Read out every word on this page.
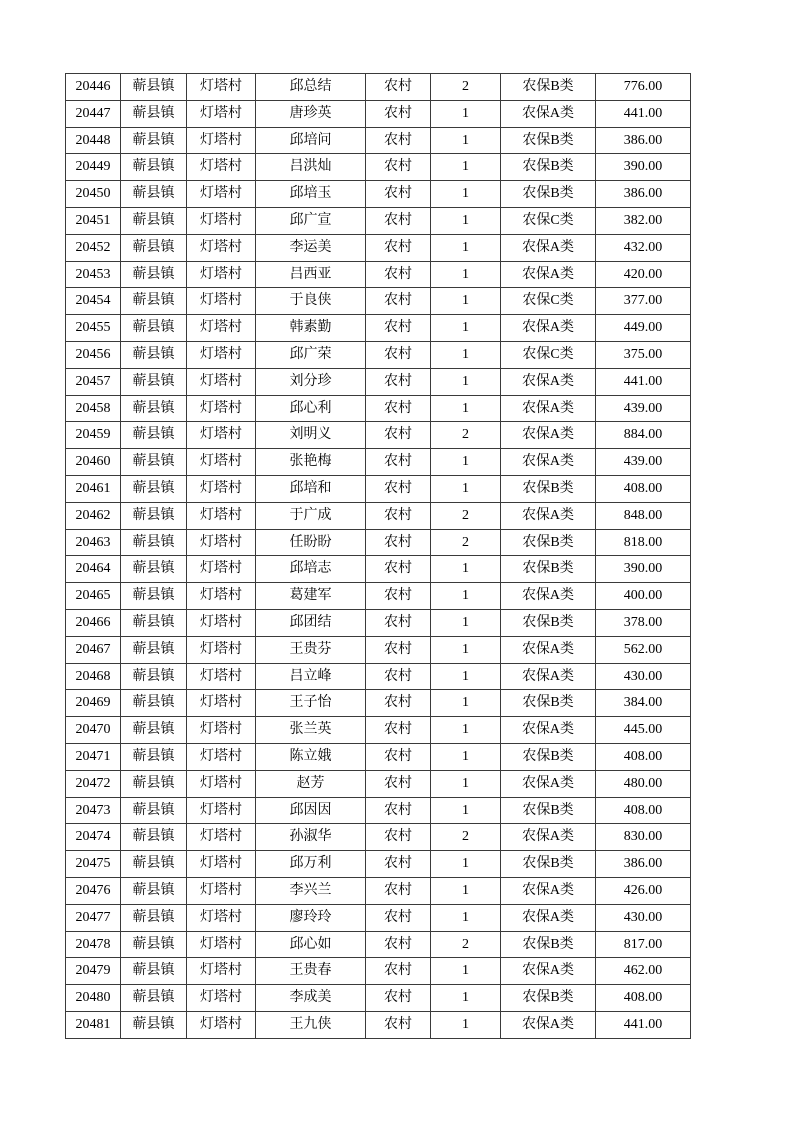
20446	蕲县镇	灯塔村	邱总结	农村	2	农保B类	776.00
20447	蕲县镇	灯塔村	唐珍英	农村	1	农保A类	441.00
20448	蕲县镇	灯塔村	邱培问	农村	1	农保B类	386.00
20449	蕲县镇	灯塔村	吕洪灿	农村	1	农保B类	390.00
20450	蕲县镇	灯塔村	邱培玉	农村	1	农保B类	386.00
20451	蕲县镇	灯塔村	邱广宣	农村	1	农保C类	382.00
20452	蕲县镇	灯塔村	李运美	农村	1	农保A类	432.00
20453	蕲县镇	灯塔村	吕西亚	农村	1	农保A类	420.00
20454	蕲县镇	灯塔村	于良侠	农村	1	农保C类	377.00
20455	蕲县镇	灯塔村	韩素勤	农村	1	农保A类	449.00
20456	蕲县镇	灯塔村	邱广荣	农村	1	农保C类	375.00
20457	蕲县镇	灯塔村	刘分珍	农村	1	农保A类	441.00
20458	蕲县镇	灯塔村	邱心利	农村	1	农保A类	439.00
20459	蕲县镇	灯塔村	刘明义	农村	2	农保A类	884.00
20460	蕲县镇	灯塔村	张艳梅	农村	1	农保A类	439.00
20461	蕲县镇	灯塔村	邱培和	农村	1	农保B类	408.00
20462	蕲县镇	灯塔村	于广成	农村	2	农保A类	848.00
20463	蕲县镇	灯塔村	任盼盼	农村	2	农保B类	818.00
20464	蕲县镇	灯塔村	邱培志	农村	1	农保B类	390.00
20465	蕲县镇	灯塔村	葛建军	农村	1	农保A类	400.00
20466	蕲县镇	灯塔村	邱团结	农村	1	农保B类	378.00
20467	蕲县镇	灯塔村	王贵芬	农村	1	农保A类	562.00
20468	蕲县镇	灯塔村	吕立峰	农村	1	农保A类	430.00
20469	蕲县镇	灯塔村	王子怡	农村	1	农保B类	384.00
20470	蕲县镇	灯塔村	张兰英	农村	1	农保A类	445.00
20471	蕲县镇	灯塔村	陈立娥	农村	1	农保B类	408.00
20472	蕲县镇	灯塔村	赵芳	农村	1	农保A类	480.00
20473	蕲县镇	灯塔村	邱因因	农村	1	农保B类	408.00
20474	蕲县镇	灯塔村	孙淑华	农村	2	农保A类	830.00
20475	蕲县镇	灯塔村	邱万利	农村	1	农保B类	386.00
20476	蕲县镇	灯塔村	李兴兰	农村	1	农保A类	426.00
20477	蕲县镇	灯塔村	廖玲玲	农村	1	农保A类	430.00
20478	蕲县镇	灯塔村	邱心如	农村	2	农保B类	817.00
20479	蕲县镇	灯塔村	王贵春	农村	1	农保A类	462.00
20480	蕲县镇	灯塔村	李成美	农村	1	农保B类	408.00
20481	蕲县镇	灯塔村	王九侠	农村	1	农保A类	441.00
